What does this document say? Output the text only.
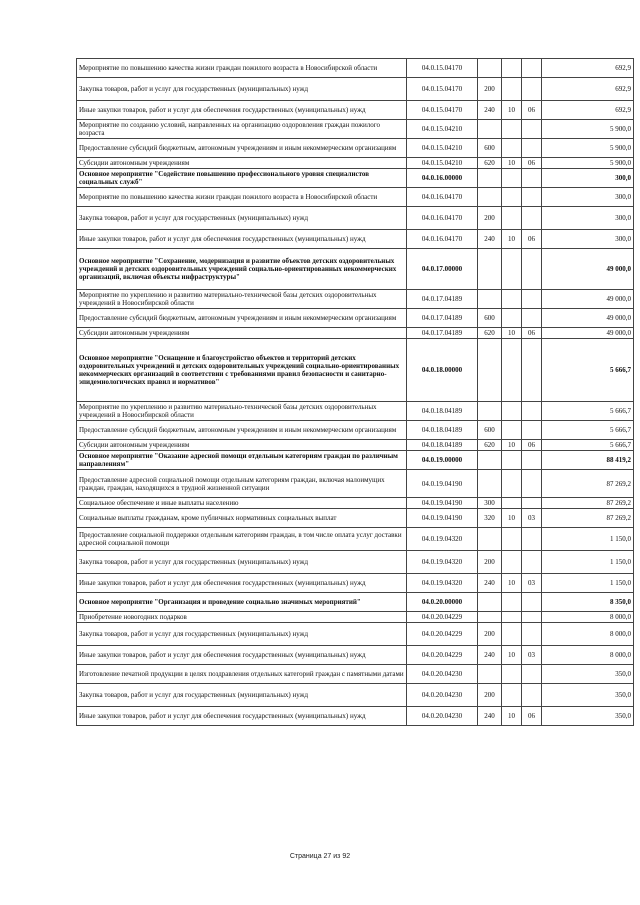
Мероприятие по повышению качества жизни граждан пожилого возраста в Новосибирской области	04.0.15.04170				692,9
Закупка товаров, работ и услуг для государственных (муниципальных) нужд	04.0.15.04170	200			692,9
Иные закупки товаров, работ и услуг для обеспечения государственных (муниципальных) нужд	04.0.15.04170	240	10	06	692,9
Мероприятие по созданию условий, направленных на организацию оздоровления граждан пожилого возраста	04.0.15.04210				5 900,0
Предоставление субсидий бюджетным, автономным учреждениям и иным некоммерческим организациям	04.0.15.04210	600			5 900,0
Субсидии автономным учреждениям	04.0.15.04210	620	10	06	5 900,0
Основное мероприятие "Содействие повышению профессионального уровня специалистов социальных служб"	04.0.16.00000				300,0
Мероприятие по повышению качества жизни граждан пожилого возраста в Новосибирской области	04.0.16.04170				300,0
Закупка товаров, работ и услуг для государственных (муниципальных) нужд	04.0.16.04170	200			300,0
Иные закупки товаров, работ и услуг для обеспечения государственных (муниципальных) нужд	04.0.16.04170	240	10	06	300,0
Основное мероприятие "Сохранение, модернизация и развитие объектов детских оздоровительных учреждений и детских оздоровительных учреждений социально-ориентированных некоммерческих организаций, включая объекты инфраструктуры"	04.0.17.00000				49 000,0
Мероприятие по укреплению и развитию материально-технической базы детских оздоровительных учреждений в Новосибирской области	04.0.17.04189				49 000,0
Предоставление субсидий бюджетным, автономным учреждениям и иным некоммерческим организациям	04.0.17.04189	600			49 000,0
Субсидии автономным учреждениям	04.0.17.04189	620	10	06	49 000,0
Основное мероприятие "Оснащение и благоустройство объектов и территорий детских оздоровительных учреждений и детских оздоровительных учреждений социально-ориентированных некоммерческих организаций в соответствии с требованиями правил безопасности и санитарно-эпидемиологических правил и нормативов"	04.0.18.00000				5 666,7
Мероприятие по укреплению и развитию материально-технической базы детских оздоровительных учреждений в Новосибирской области	04.0.18.04189				5 666,7
Предоставление субсидий бюджетным, автономным учреждениям и иным некоммерческим организациям	04.0.18.04189	600			5 666,7
Субсидии автономным учреждениям	04.0.18.04189	620	10	06	5 666,7
Основное мероприятие "Оказание адресной помощи отдельным категориям граждан по различным направлениям"	04.0.19.00000				88 419,2
Предоставление адресной социальной помощи отдельным категориям граждан, включая малоимущих граждан, граждан, находящихся в трудной жизненной ситуации	04.0.19.04190				87 269,2
Социальное обеспечение и иные выплаты населению	04.0.19.04190	300			87 269,2
Социальные выплаты гражданам, кроме публичных нормативных социальных выплат	04.0.19.04190	320	10	03	87 269,2
Предоставление социальной поддержки отдельным категориям граждан, в том числе оплата услуг доставки адресной социальной помощи	04.0.19.04320				1 150,0
Закупка товаров, работ и услуг для государственных (муниципальных) нужд	04.0.19.04320	200			1 150,0
Иные закупки товаров, работ и услуг для обеспечения государственных (муниципальных) нужд	04.0.19.04320	240	10	03	1 150,0
Основное мероприятие "Организация и проведение социально значимых мероприятий"	04.0.20.00000				8 350,0
Приобретение новогодних подарков	04.0.20.04229				8 000,0
Закупка товаров, работ и услуг для государственных (муниципальных) нужд	04.0.20.04229	200			8 000,0
Иные закупки товаров, работ и услуг для обеспечения государственных (муниципальных) нужд	04.0.20.04229	240	10	03	8 000,0
Изготовление печатной продукции в целях поздравления отдельных категорий граждан с памятными датами	04.0.20.04230				350,0
Закупка товаров, работ и услуг для государственных (муниципальных) нужд	04.0.20.04230	200			350,0
Иные закупки товаров, работ и услуг для обеспечения государственных (муниципальных) нужд	04.0.20.04230	240	10	06	350,0
Страница 27 из 92
